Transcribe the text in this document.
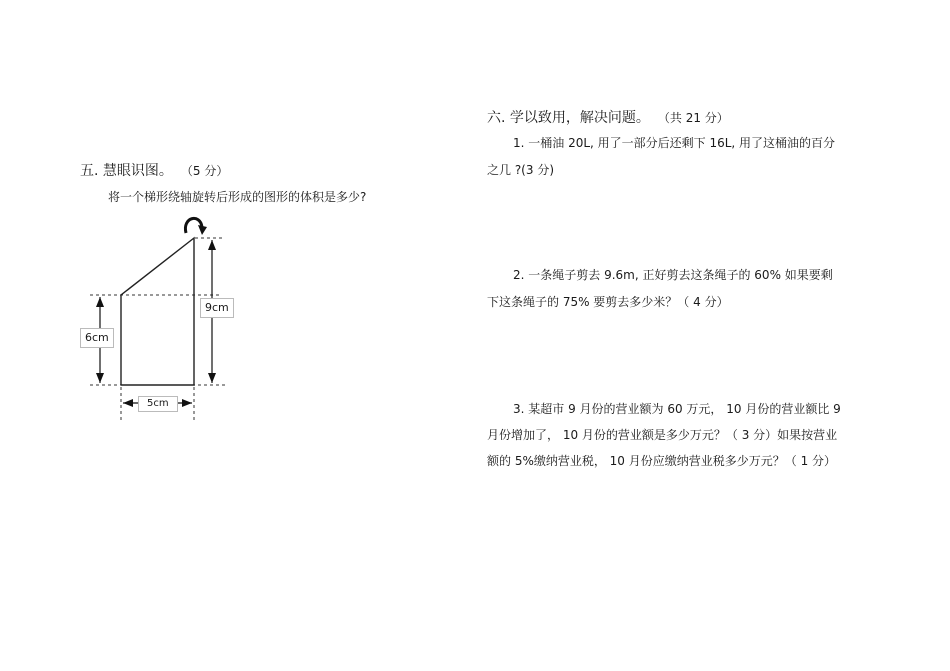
五. 慧眼识图。 （5 分）
将一个梯形绕轴旋转后形成的图形的体积是多少?
6cm
9cm
5cm
六. 学以致用，解决问题。 （共 21 分）
1. 一桶油 20L, 用了一部分后还剩下 16L, 用了这桶油的百分
之几 ?(3 分)
2. 一条绳子剪去 9.6m, 正好剪去这条绳子的 60% 如果要剩
下这条绳子的 75% 要剪去多少米？（ 4 分）
3. 某超市 9 月份的营业额为 60 万元， 10 月份的营业额比 9
月份增加了， 10 月份的营业额是多少万元？（ 3 分）如果按营业
额的 5%缴纳营业税， 10 月份应缴纳营业税多少万元？（ 1 分）
